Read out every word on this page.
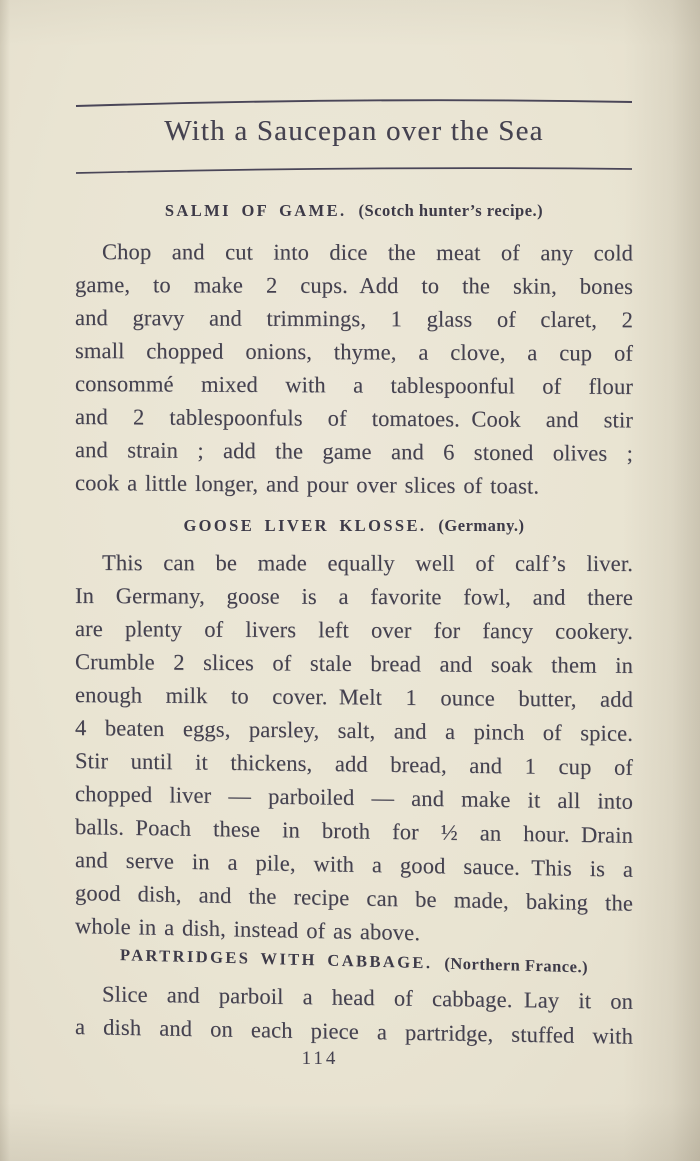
With a Saucepan over the Sea
SALMI OF GAME. (Scotch hunter’s recipe.)
Chop and cut into dice the meat of any cold
game, to make 2 cups. Add to the skin, bones
and gravy and trimmings, 1 glass of claret, 2
small chopped onions, thyme, a clove, a cup of
consommé mixed with a tablespoonful of flour
and 2 tablespoonfuls of tomatoes. Cook and stir
and strain ; add the game and 6 stoned olives ;
cook a little longer, and pour over slices of toast.
GOOSE LIVER KLOSSE. (Germany.)
This can be made equally well of calf’s liver.
In Germany, goose is a favorite fowl, and there
are plenty of livers left over for fancy cookery.
Crumble 2 slices of stale bread and soak them in
enough milk to cover. Melt 1 ounce butter, add
4 beaten eggs, parsley, salt, and a pinch of spice.
Stir until it thickens, add bread, and 1 cup of
chopped liver — parboiled — and make it all into
balls. Poach these in broth for ½ an hour. Drain
and serve in a pile, with a good sauce. This is a
good dish, and the recipe can be made, baking the
whole in a dish, instead of as above.
PARTRIDGES WITH CABBAGE. (Northern France.)
Slice and parboil a head of cabbage. Lay it on
a dish and on each piece a partridge, stuffed with
114
